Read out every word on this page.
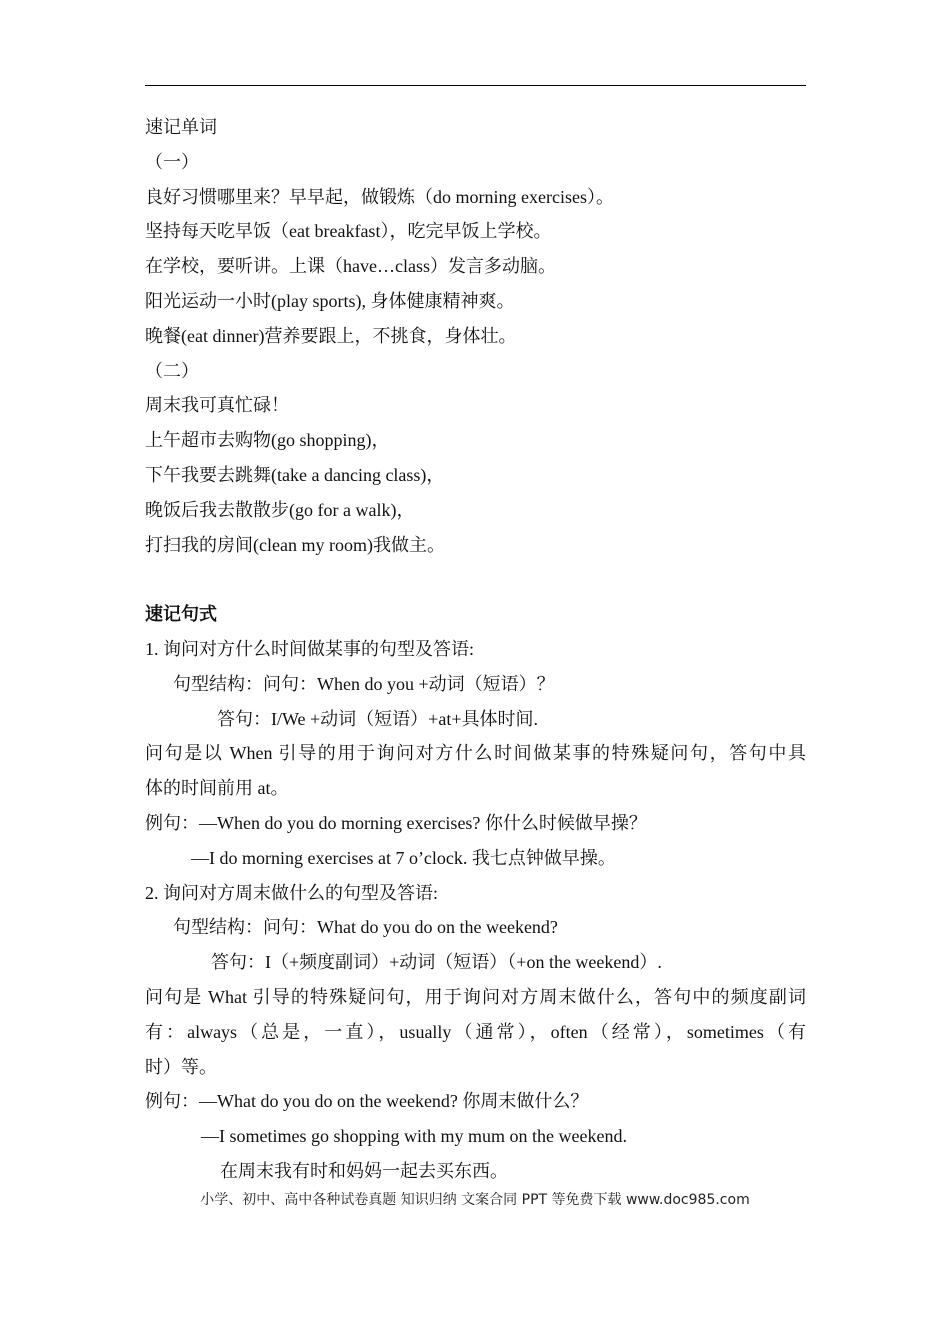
速记单词
（一）
良好习惯哪里来？早早起，做锻炼（do morning exercises）。
坚持每天吃早饭（eat breakfast），吃完早饭上学校。
在学校，要听讲。上课（have…class）发言多动脑。
阳光运动一小时(play sports), 身体健康精神爽。
晚餐(eat dinner)营养要跟上，不挑食，身体壮。
（二）
周末我可真忙碌！
上午超市去购物(go shopping)，
下午我要去跳舞(take a dancing class)，
晚饭后我去散散步(go for a walk)，
打扫我的房间(clean my room)我做主。
速记句式
1. 询问对方什么时间做某事的句型及答语:
句型结构：问句：When do you +动词（短语）？
答句：I/We +动词（短语）+at+具体时间.
问句是以 When 引导的用于询问对方什么时间做某事的特殊疑问句，答句中具
体的时间前用 at。
例句：—When do you do morning exercises? 你什么时候做早操？
—I do morning exercises at 7 o’clock. 我七点钟做早操。
2. 询问对方周末做什么的句型及答语:
句型结构：问句：What do you do on the weekend?
答句：I（+频度副词）+动词（短语）（+on the weekend）.
问句是 What 引导的特殊疑问句，用于询问对方周末做什么，答句中的频度副词
有：always（总是，一直），usually（通常），often（经常），sometimes（有
时）等。
例句：—What do you do on the weekend? 你周末做什么？
—I sometimes go shopping with my mum on the weekend.
在周末我有时和妈妈一起去买东西。
小学、初中、高中各种试卷真题 知识归纳 文案合同 PPT 等免费下载 www.doc985.com
